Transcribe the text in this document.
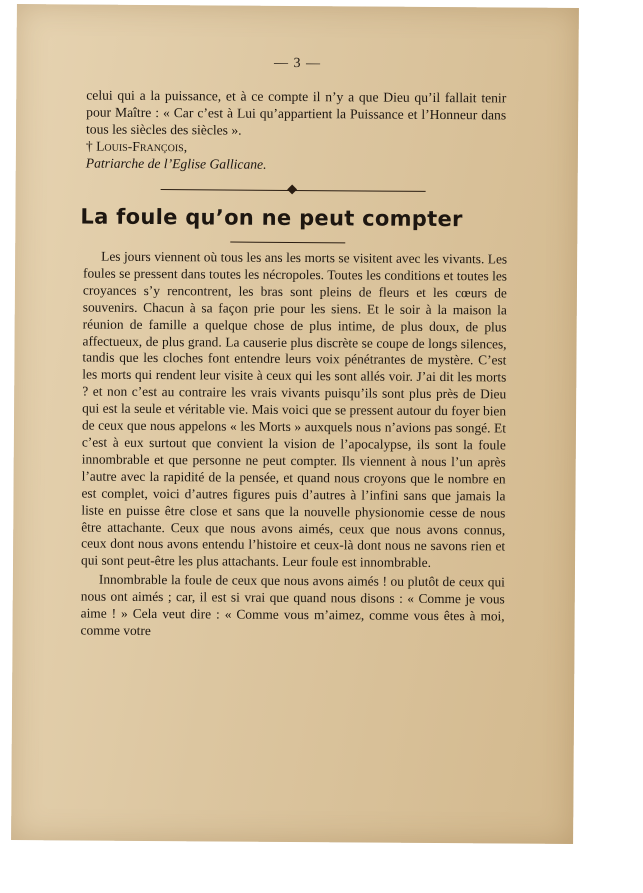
— 3 —

celui qui a la puissance, et à ce compte il n’y a que Dieu qu’il fallait tenir pour Maître : « Car c’est à Lui qu’appartient la Puissance et l’Honneur dans tous les siècles des siècles ».

† Louis-François,

Patriarche de l’Eglise Gallicane.

La foule qu’on ne peut compter

Les jours viennent où tous les ans les morts se visitent avec les vivants. Les foules se pressent dans toutes les nécropoles. Toutes les conditions et toutes les croyances s’y rencontrent, les bras sont pleins de fleurs et les cœurs de souvenirs. Chacun à sa façon prie pour les siens. Et le soir à la maison la réunion de famille a quelque chose de plus intime, de plus doux, de plus affectueux, de plus grand. La causerie plus discrète se coupe de longs silences, tandis que les cloches font entendre leurs voix pénétrantes de mystère. C’est les morts qui rendent leur visite à ceux qui les sont allés voir. J’ai dit les morts ? et non c’est au contraire les vrais vivants puisqu’ils sont plus près de Dieu qui est la seule et véritable vie. Mais voici que se pressent autour du foyer bien de ceux que nous appelons « les Morts » auxquels nous n’avions pas songé. Et c’est à eux surtout que convient la vision de l’apocalypse, ils sont la foule innombrable et que personne ne peut compter. Ils viennent à nous l’un après l’autre avec la rapidité de la pensée, et quand nous croyons que le nombre en est complet, voici d’autres figures puis d’autres à l’infini sans que jamais la liste en puisse être close et sans que la nouvelle physionomie cesse de nous être attachante. Ceux que nous avons aimés, ceux que nous avons connus, ceux dont nous avons entendu l’histoire et ceux-là dont nous ne savons rien et qui sont peut-être les plus attachants. Leur foule est innombrable.

Innombrable la foule de ceux que nous avons aimés ! ou plutôt de ceux qui nous ont aimés ; car, il est si vrai que quand nous disons : « Comme je vous aime ! » Cela veut dire : « Comme vous m’aimez, comme vous êtes à moi, comme votre
